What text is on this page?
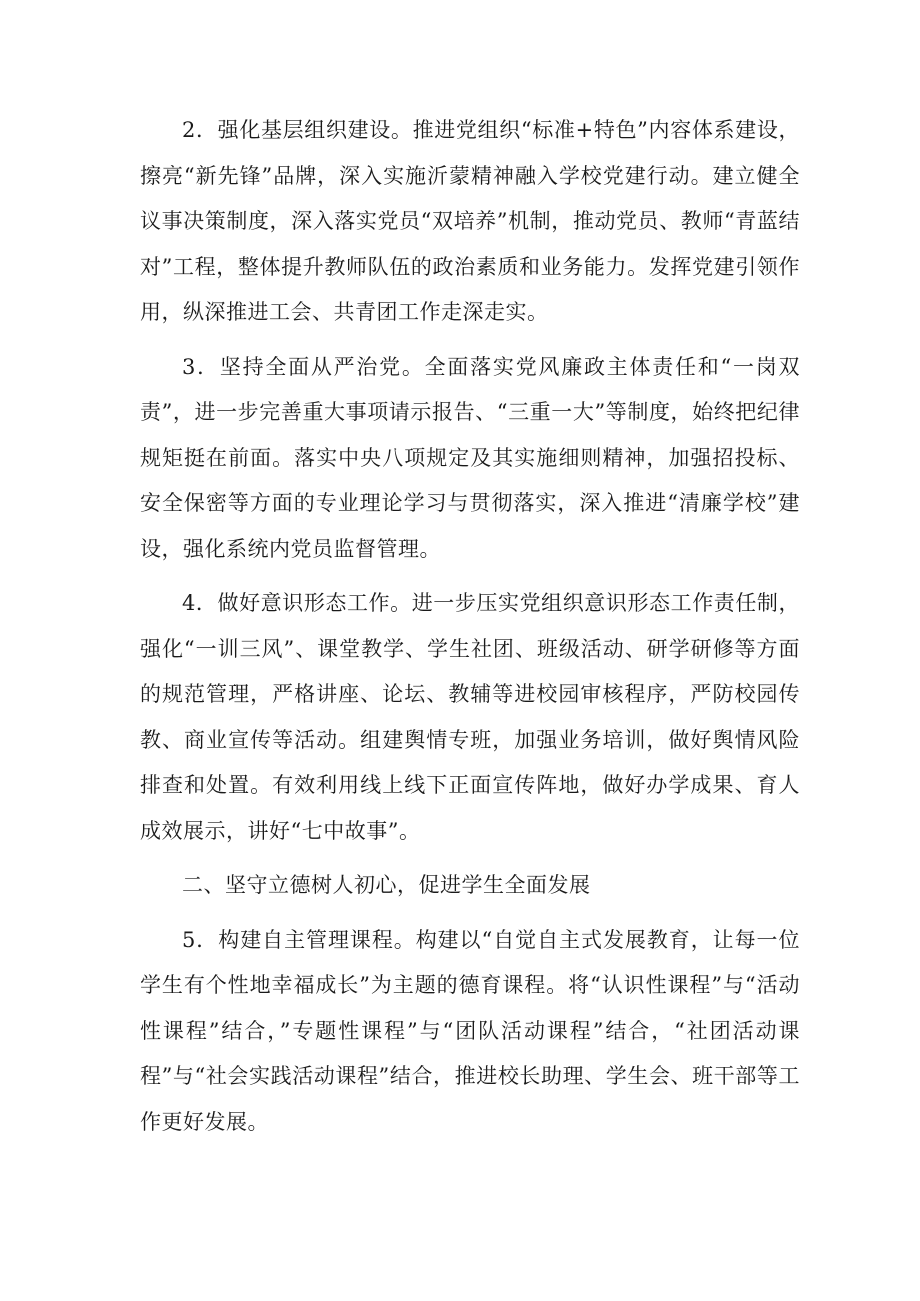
2．强化基层组织建设。推进党组织“标准+特色”内容体系建设，擦亮“新先锋”品牌，深入实施沂蒙精神融入学校党建行动。建立健全议事决策制度，深入落实党员“双培养”机制，推动党员、教师“青蓝结对”工程，整体提升教师队伍的政治素质和业务能力。发挥党建引领作用，纵深推进工会、共青团工作走深走实。

3．坚持全面从严治党。全面落实党风廉政主体责任和“一岗双责”，进一步完善重大事项请示报告、“三重一大”等制度，始终把纪律规矩挺在前面。落实中央八项规定及其实施细则精神，加强招投标、安全保密等方面的专业理论学习与贯彻落实，深入推进“清廉学校”建设，强化系统内党员监督管理。

4．做好意识形态工作。进一步压实党组织意识形态工作责任制，强化“一训三风”、课堂教学、学生社团、班级活动、研学研修等方面的规范管理，严格讲座、论坛、教辅等进校园审核程序，严防校园传教、商业宣传等活动。组建舆情专班，加强业务培训，做好舆情风险排查和处置。有效利用线上线下正面宣传阵地，做好办学成果、育人成效展示，讲好“七中故事”。

二、坚守立德树人初心，促进学生全面发展

5．构建自主管理课程。构建以“自觉自主式发展教育，让每一位学生有个性地幸福成长”为主题的德育课程。将“认识性课程”与“活动性课程”结合，”专题性课程”与“团队活动课程”结合，“社团活动课程”与“社会实践活动课程”结合，推进校长助理、学生会、班干部等工作更好发展。
